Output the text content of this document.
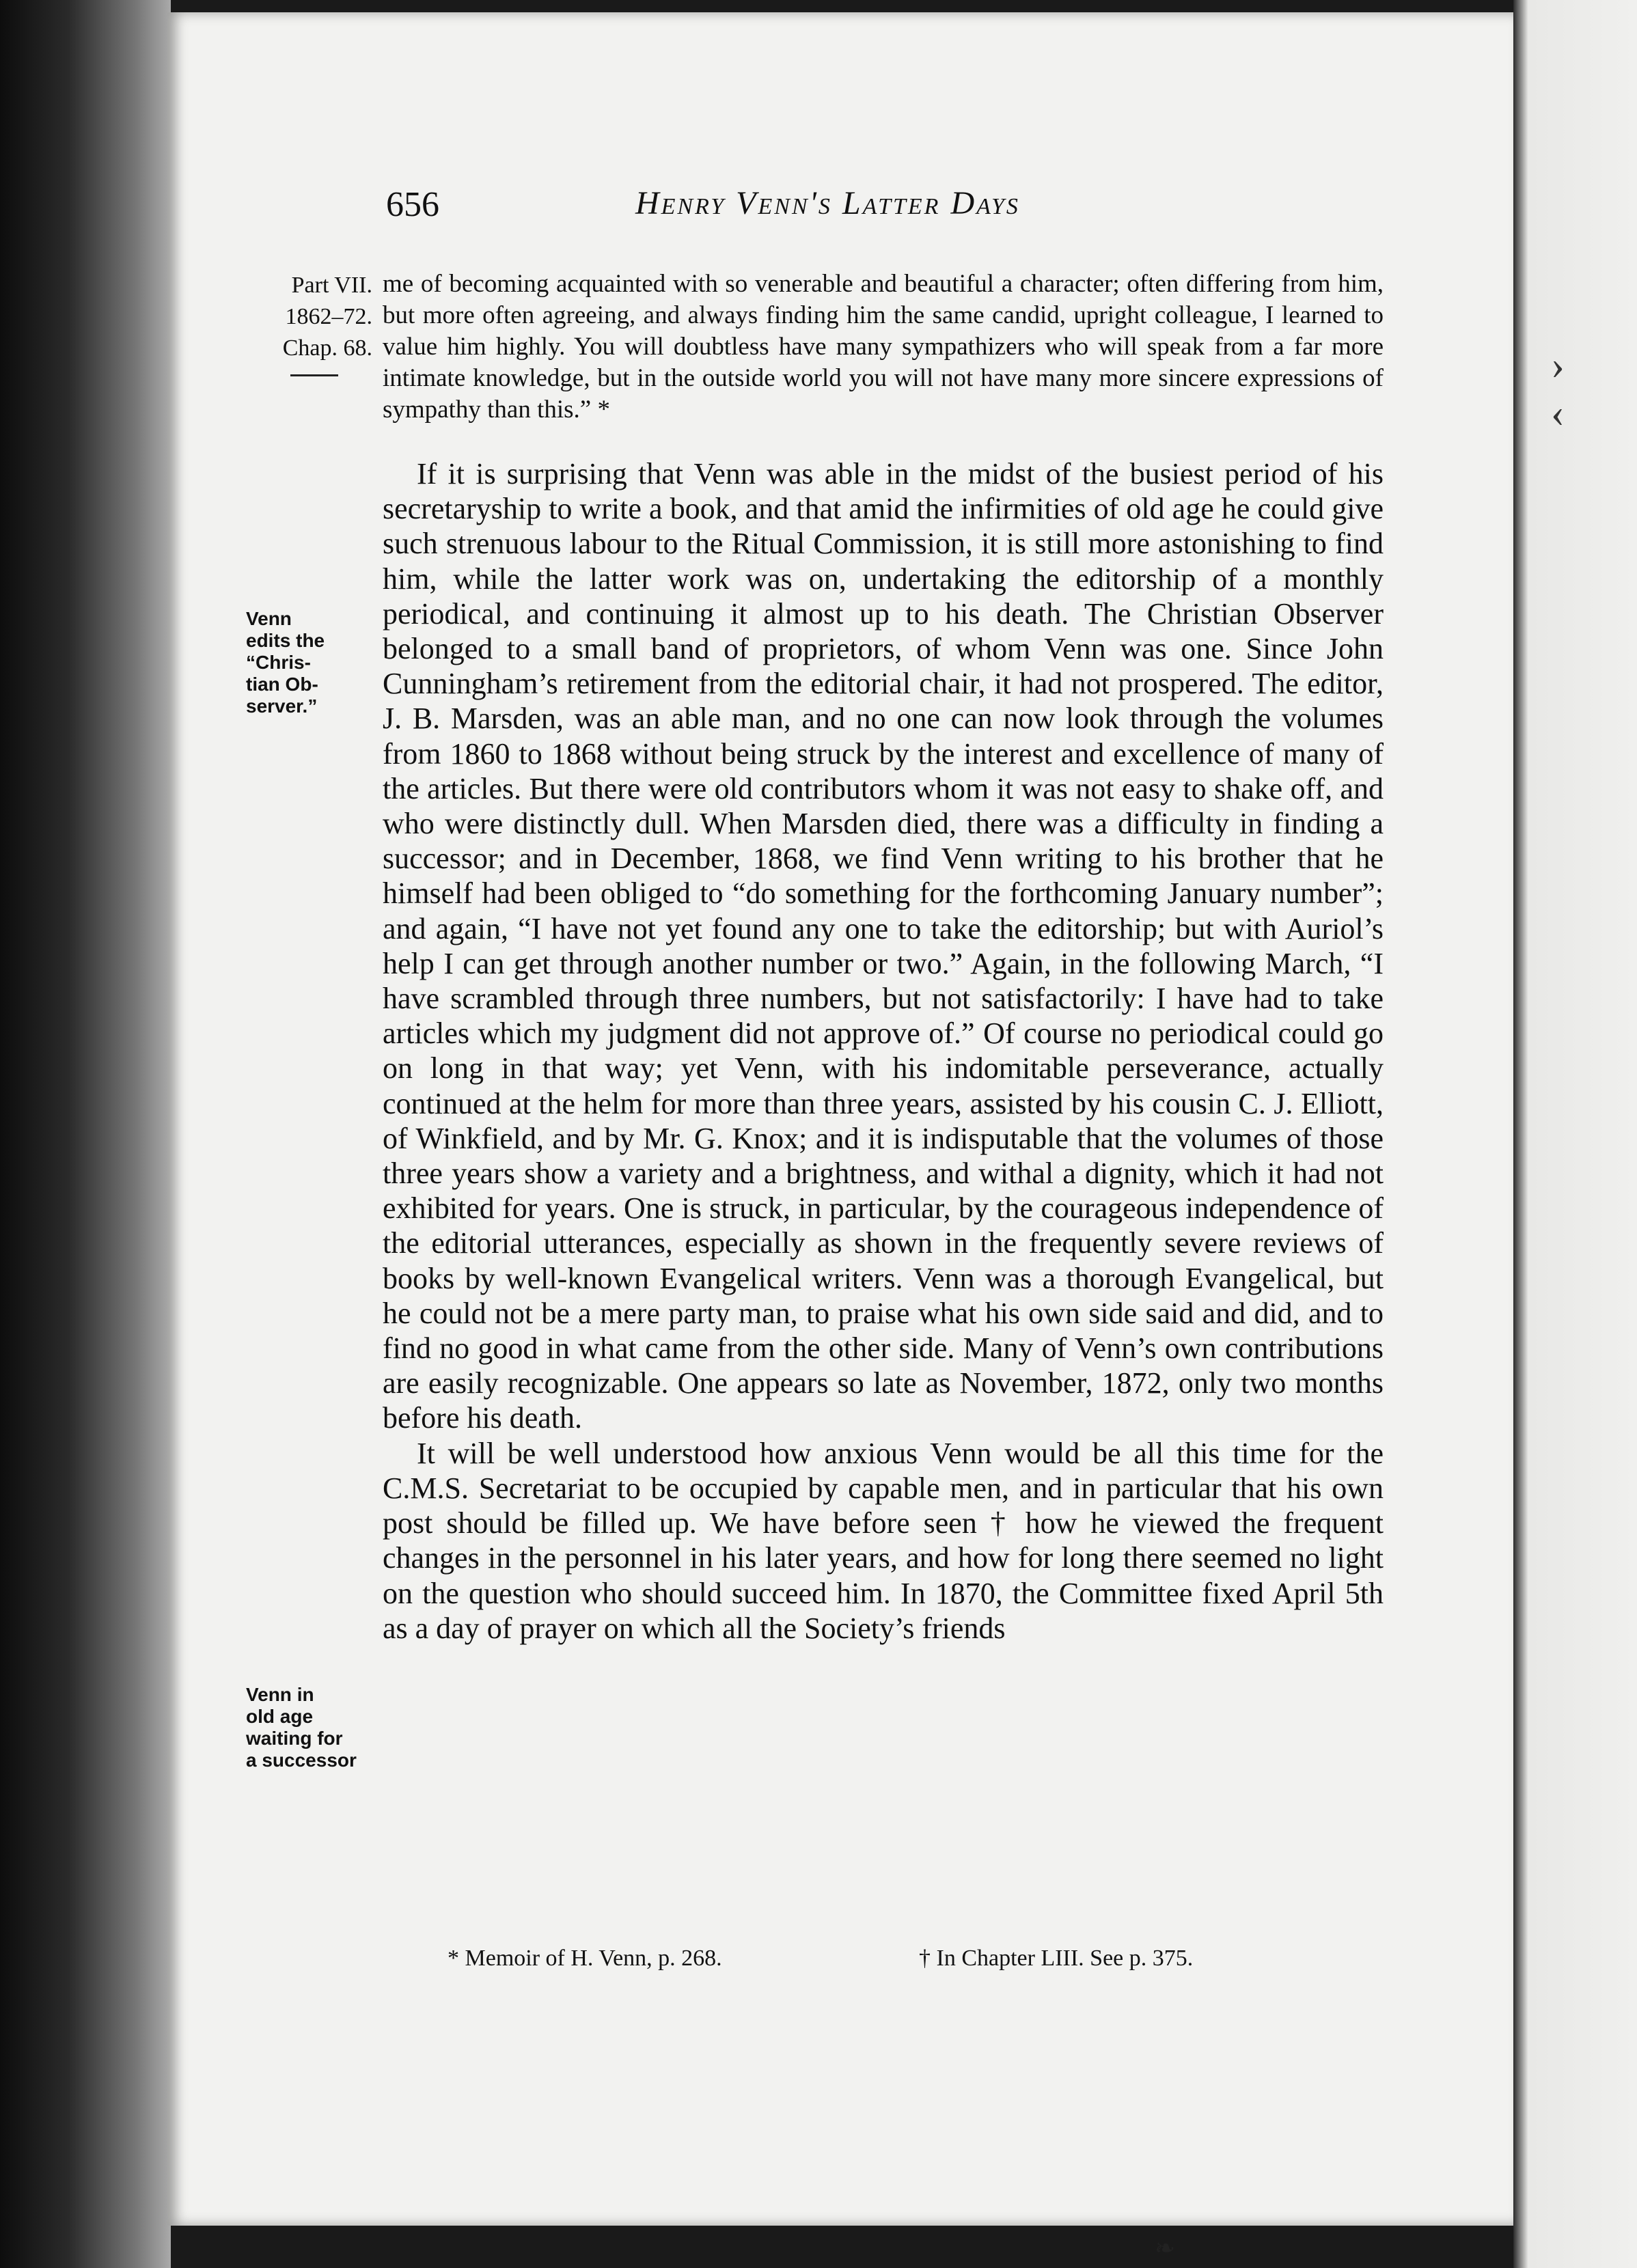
656	Henry Venn's Latter Days
Part VII.
1862–72.
Chap. 68.
Venn
edits the
“Chris-
tian Ob-
server.”
Venn in
old age
waiting for
a successor

me of becoming acquainted with so venerable and beautiful a character; often differing from him, but more often agreeing, and always finding him the same candid, upright colleague, I learned to value him highly. You will doubtless have many sympathizers who will speak from a far more intimate knowledge, but in the outside world you will not have many more sincere expressions of sympathy than this.” *

If it is surprising that Venn was able in the midst of the busiest period of his secretaryship to write a book, and that amid the infirmities of old age he could give such strenuous labour to the Ritual Commission, it is still more astonishing to find him, while the latter work was on, undertaking the editorship of a monthly periodical, and continuing it almost up to his death. The Christian Observer belonged to a small band of proprietors, of whom Venn was one. Since John Cunningham’s retirement from the editorial chair, it had not prospered. The editor, J. B. Marsden, was an able man, and no one can now look through the volumes from 1860 to 1868 without being struck by the interest and excellence of many of the articles. But there were old contributors whom it was not easy to shake off, and who were distinctly dull. When Marsden died, there was a difficulty in finding a successor; and in December, 1868, we find Venn writing to his brother that he himself had been obliged to “do something for the forthcoming January number”; and again, “I have not yet found any one to take the editorship; but with Auriol’s help I can get through another number or two.” Again, in the following March, “I have scrambled through three numbers, but not satisfactorily: I have had to take articles which my judgment did not approve of.” Of course no periodical could go on long in that way; yet Venn, with his indomitable perseverance, actually continued at the helm for more than three years, assisted by his cousin C. J. Elliott, of Winkfield, and by Mr. G. Knox; and it is indisputable that the volumes of those three years show a variety and a brightness, and withal a dignity, which it had not exhibited for years. One is struck, in particular, by the courageous independence of the editorial utterances, especially as shown in the frequently severe reviews of books by well-known Evangelical writers. Venn was a thorough Evangelical, but he could not be a mere party man, to praise what his own side said and did, and to find no good in what came from the other side. Many of Venn’s own contributions are easily recognizable. One appears so late as November, 1872, only two months before his death.

It will be well understood how anxious Venn would be all this time for the C.M.S. Secretariat to be occupied by capable men, and in particular that his own post should be filled up. We have before seen † how he viewed the frequent changes in the personnel in his later years, and how for long there seemed no light on the question who should succeed him. In 1870, the Committee fixed April 5th as a day of prayer on which all the Society’s friends

* Memoir of H. Venn, p. 268.	† In Chapter LIII. See p. 375.
›
‹
❧
